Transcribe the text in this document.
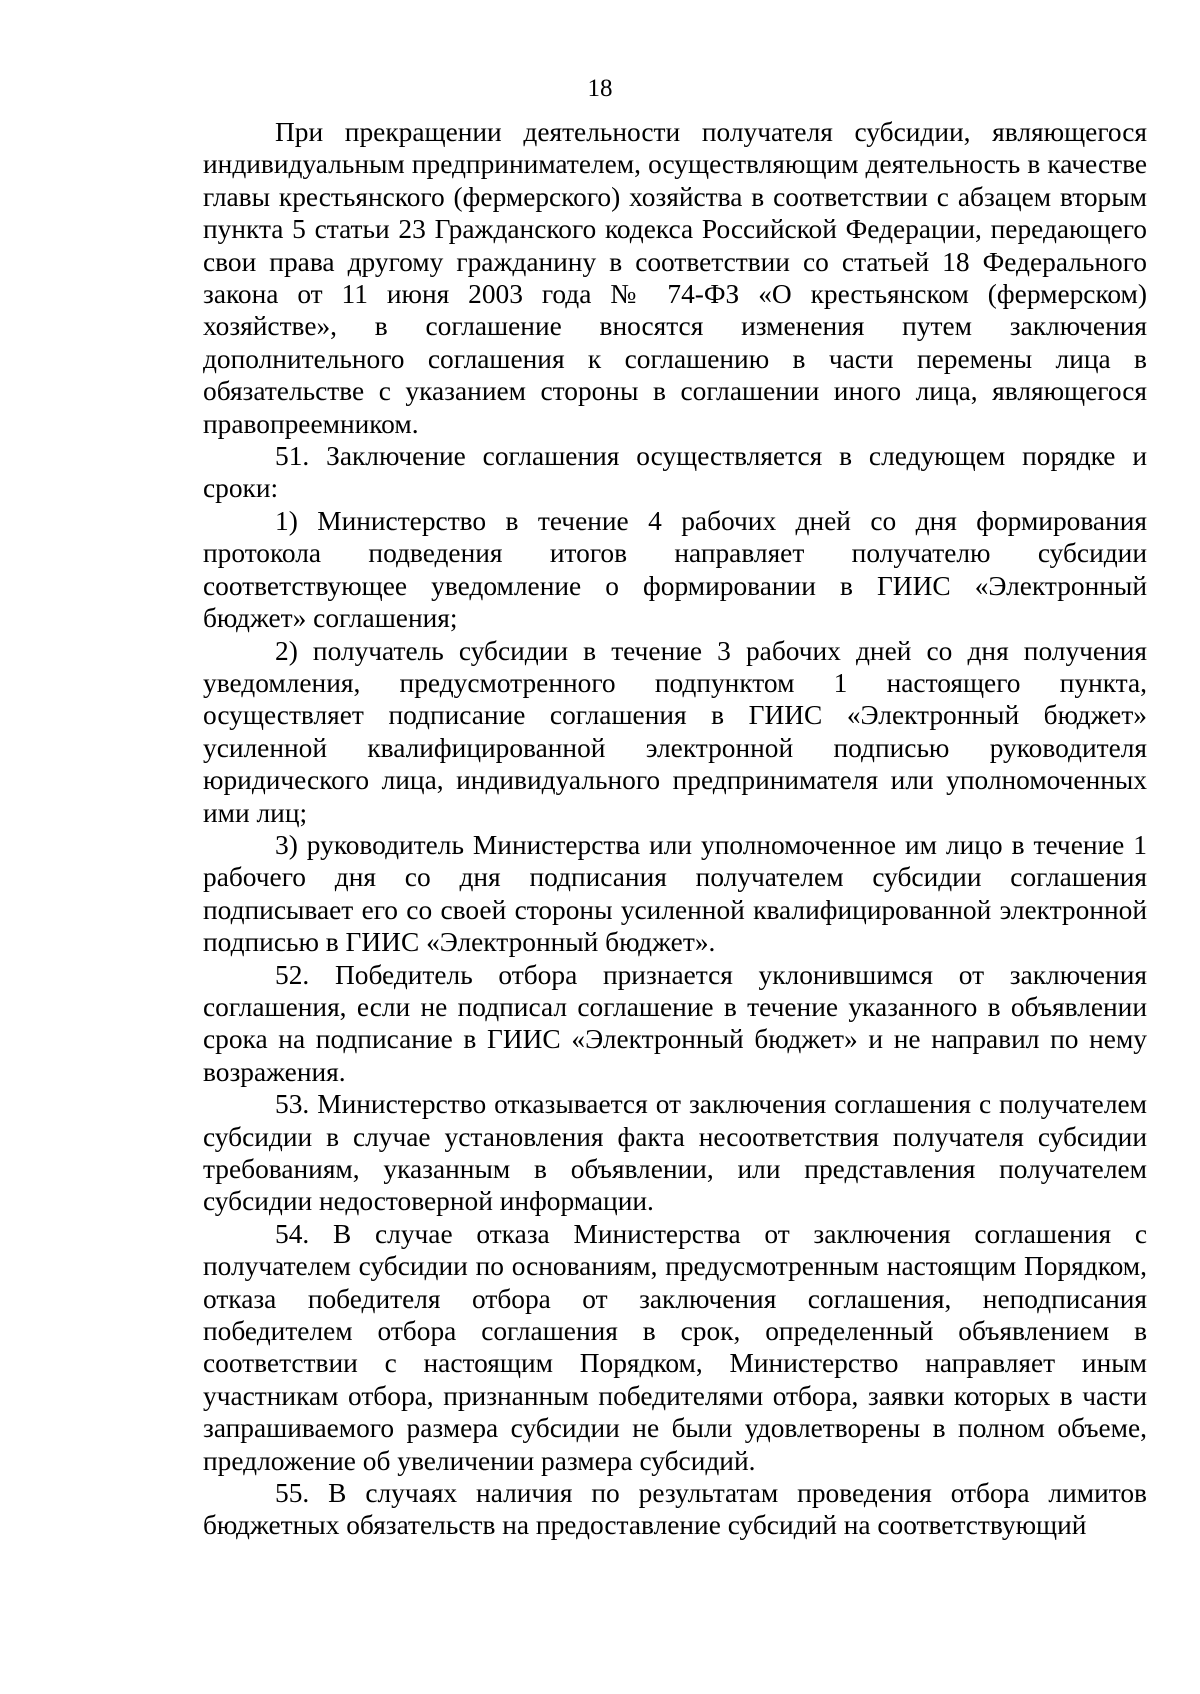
18

При прекращении деятельности получателя субсидии, являющегося индивидуальным предпринимателем, осуществляющим деятельность в качестве главы крестьянского (фермерского) хозяйства в соответствии с абзацем вторым пункта 5 статьи 23 Гражданского кодекса Российской Федерации, передающего свои права другому гражданину в соответствии со статьей 18 Федерального закона от 11 июня 2003 года № 74-ФЗ «О крестьянском (фермерском) хозяйстве», в соглашение вносятся изменения путем заключения дополнительного соглашения к соглашению в части перемены лица в обязательстве с указанием стороны в соглашении иного лица, являющегося правопреемником.

51. Заключение соглашения осуществляется в следующем порядке и сроки:

1) Министерство в течение 4 рабочих дней со дня формирования протокола подведения итогов направляет получателю субсидии соответствующее уведомление о формировании в ГИИС «Электронный бюджет» соглашения;

2) получатель субсидии в течение 3 рабочих дней со дня получения уведомления, предусмотренного подпунктом 1 настоящего пункта, осуществляет подписание соглашения в ГИИС «Электронный бюджет» усиленной квалифицированной электронной подписью руководителя юридического лица, индивидуального предпринимателя или уполномоченных ими лиц;

3) руководитель Министерства или уполномоченное им лицо в течение 1 рабочего дня со дня подписания получателем субсидии соглашения подписывает его со своей стороны усиленной квалифицированной электронной подписью в ГИИС «Электронный бюджет».

52. Победитель отбора признается уклонившимся от заключения соглашения, если не подписал соглашение в течение указанного в объявлении срока на подписание в ГИИС «Электронный бюджет» и не направил по нему возражения.

53. Министерство отказывается от заключения соглашения с получателем субсидии в случае установления факта несоответствия получателя субсидии требованиям, указанным в объявлении, или представления получателем субсидии недостоверной информации.

54. В случае отказа Министерства от заключения соглашения с получателем субсидии по основаниям, предусмотренным настоящим Порядком, отказа победителя отбора от заключения соглашения, неподписания победителем отбора соглашения в срок, определенный объявлением в соответствии с настоящим Порядком, Министерство направляет иным участникам отбора, признанным победителями отбора, заявки которых в части запрашиваемого размера субсидии не были удовлетворены в полном объеме, предложение об увеличении размера субсидий.

55. В случаях наличия по результатам проведения отбора лимитов бюджетных обязательств на предоставление субсидий на соответствующий
